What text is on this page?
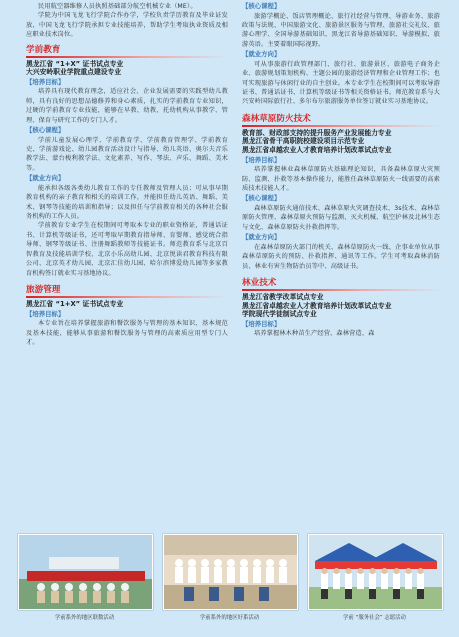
民用航空器维修人员执照基础部分航空机械专业（ME）。

学院为中国飞龙飞行学院合作办学，学校负责学历教育及毕业证发放，中国飞龙飞行学院承担专业技能培养，帮助学生考取执业资质及相应职业技术岗位。

学前教育
黑龙江省 “1+X” 证书试点专业
大兴安岭职业学院重点建设专业
【培养目标】

培养具有现代教育理念，适应社会、企业发展需要的实践型幼儿教师，具有良好的思想品德修养和身心素质，扎实的学前教育专业知识，过硬的学前教育专业技能，能够在早教、幼教、托幼机构从事教学、管理、保育与研究工作的专门人才。

【核心课程】

学前儿童发展心理学、学前教育学、学前教育管理学、学前教育史、学前游戏论、幼儿园教育活动设计与指导、幼儿英语、奥尔夫音乐教学法、蒙台梭利教学法、文化素养、写作、琴法、声乐、舞蹈、美术等。

【就业方向】

能承担各级各类幼儿教育工作的专任教师及管理人员；可从事早期教育机构的亲子教育和相关的培训工作，并能担任幼儿英语、舞蹈、美术、钢琴等技能的培训和指导；以及担任与学前教育相关的各种社会服务机构的工作人员。

学前教育专业学生在校期间可考取本专业的职业资格证，普通话证书、计算机等级证书，还可考取早期教育指导师、育婴师、感觉统合指导师、钢琴等级证书、注册舞蹈教师等技能证书。师范教育系与北京百智教育及技能培训学校、北京小乐高幼儿园、北京悦读君教育科技有限公司、北京英才幼儿园、北京汇佳幼儿园、哈尔滨博爱幼儿园等多家教育机构签订就业实习基地协议。

旅游管理
黑龙江省 “1+X” 证书试点专业
【培养目标】

本专业旨在培养掌握旅游和餐饮服务与管理的基本知识、基本规范及基本技能，能够从事旅游和餐饮服务与管理的高素质应用型专门人才。

【核心课程】

旅游学概论、饭店管理概论、旅行社经营与管理、导游业务、旅游政策与法规、中国旅游文化、旅游景区服务与管理、旅游社交礼仪、旅游心理学、全国导游基础知识、黑龙江省导游基础知识、导游模拟、旅游英语。主要着眼国际视野。

【就业方向】

可从事旅游行政管理部门、旅行社、旅游景区、旅游电子商务企业、旅游规划策划机构、主题公园的旅游经济管理和企业管理工作；也可实现旅游与休闲行业的自主创业。本专业学生在校期间可以考取导游证书、普通话证书、计算机等级证书等相关资格证书。师范教育系与大兴安岭国际旅行社、多尔布尔旅游服务单位签订就业实习基地协议。

森林草原防火技术
教育部、财政部支持的提升服务产业发展能力专业
黑龙江省骨干高职院校建设项目示范专业
黑龙江省卓越农业人才教育培养计划改革试点专业
【培养目标】

培养掌握林业森林草原防火基础理论知识，具备森林草原火灾预防、监测、扑救等基本操作能力，能胜任森林草原防火一线需要的高素质技术技能人才。

【核心课程】

森林草原防火通信技术、森林草原火灾调查技术、3s技术、森林草原防火管理、森林草原火预防与监测、灭火机械、航空护林及北林生态与文化、森林草原防火扑救指挥等。

【就业方向】

在森林草原防火部门的机关、森林草原防火一线、企事业单位从事森林草原防火的预防、扑救指挥、通讯等工作。学生可考取森林消防员、林业有害生物防治员等中、高级证书。

林业技术
黑龙江省教学改革试点专业
黑龙江省卓越农业人才教育培养计划改革试点专业
学院现代学徒制试点专业
【培养目标】

培养掌握林木种苗生产经营、森林营造、森

学前系外的地区联数活动	学前系外的地区好系活动	学前 “服务社会” 志愿活动
